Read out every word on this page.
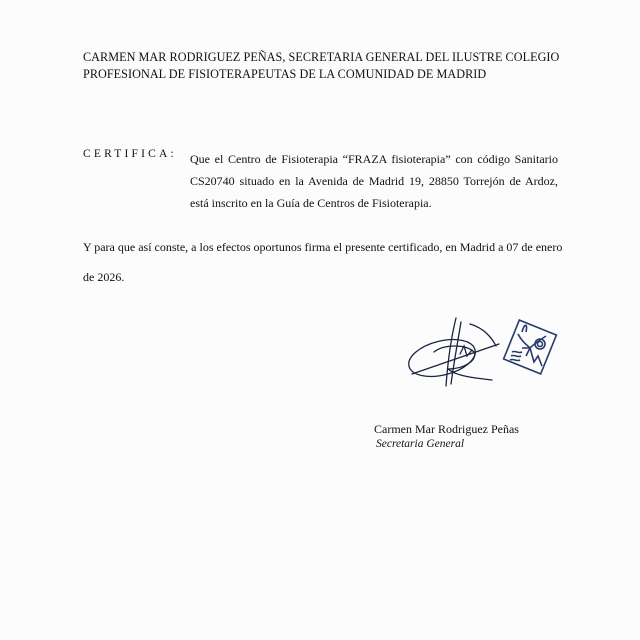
CARMEN MAR RODRIGUEZ PEÑAS, SECRETARIA GENERAL DEL ILUSTRE COLEGIO
PROFESIONAL DE FISIOTERAPEUTAS DE LA COMUNIDAD DE MADRID
CERTIFICA: Que el Centro de Fisioterapia “FRAZA fisioterapia” con código Sanitario
CS20740 situado en la Avenida de Madrid 19, 28850 Torrejón de Ardoz,
está inscrito en la Guía de Centros de Fisioterapia.
Y para que así conste, a los efectos oportunos firma el presente certificado, en Madrid a 07 de enero
de 2026.
Carmen Mar Rodriguez Peñas
Secretaria General
